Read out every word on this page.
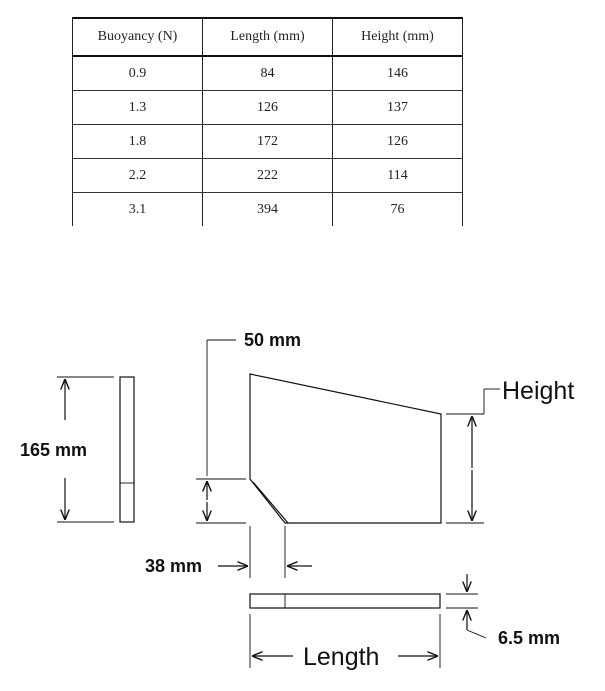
Buoyancy (N)	Length (mm)	Height (mm)
0.9	84	146
1.3	126	137
1.8	172	126
2.2	222	114
3.1	394	76
165 mm
50 mm
Height
38 mm
6.5 mm
Length
